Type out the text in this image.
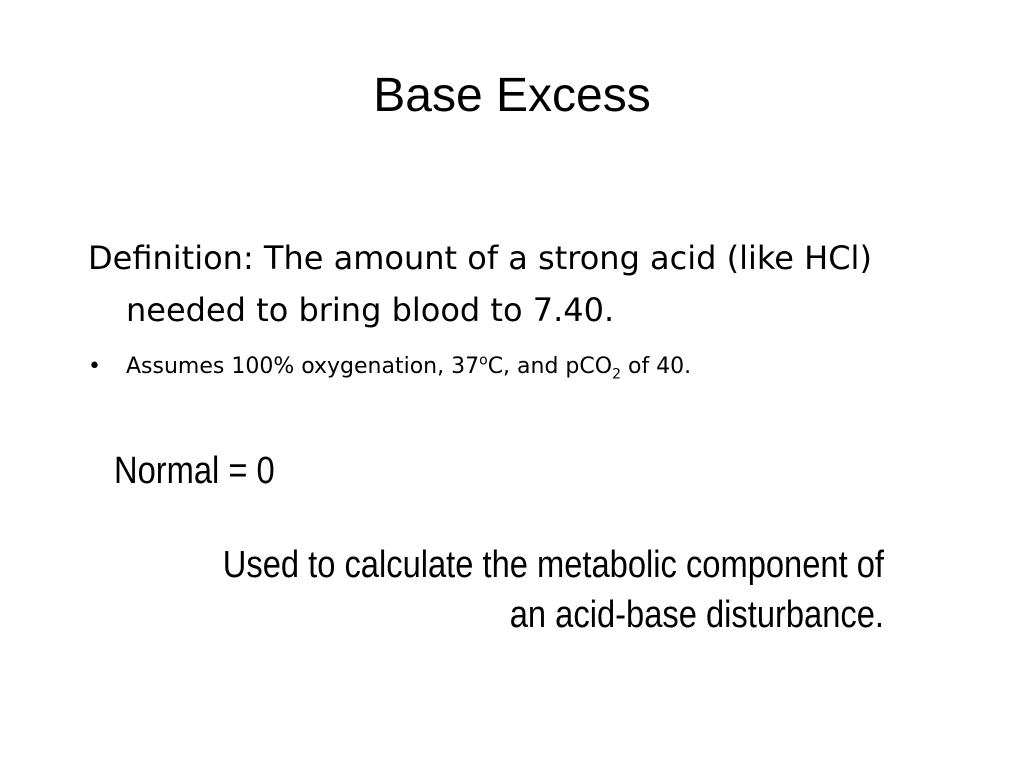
Base Excess

Definition: The amount of a strong acid (like HCl) needed to bring blood to 7.40.

• Assumes 100% oxygenation, 37$^o$C, and pCO$_2$ of 40.

Normal = 0

Used to calculate the metabolic component of
an acid-base disturbance.
